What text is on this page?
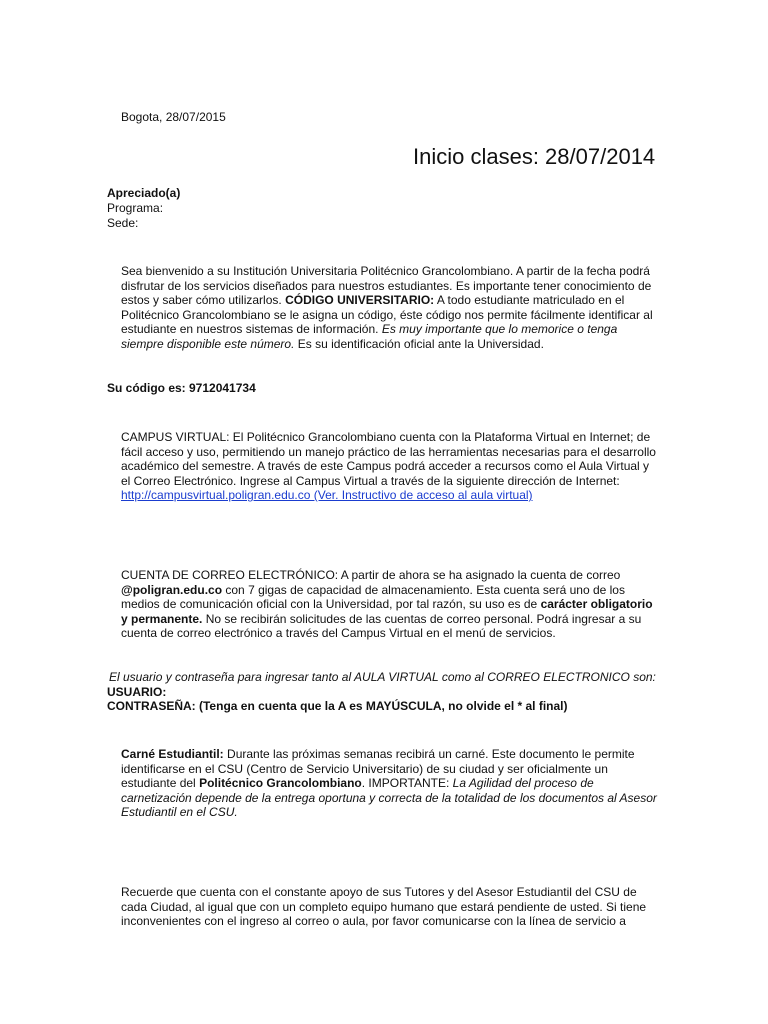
Bogota, 28/07/2015
Inicio clases: 28/07/2014
Apreciado(a)
Programa:
Sede:
Sea bienvenido a su Institución Universitaria Politécnico Grancolombiano. A partir de la fecha podrá disfrutar de los servicios diseñados para nuestros estudiantes. Es importante tener conocimiento de estos y saber cómo utilizarlos. CÓDIGO UNIVERSITARIO: A todo estudiante matriculado en el Politécnico Grancolombiano se le asigna un código, éste código nos permite fácilmente identificar al estudiante en nuestros sistemas de información. Es muy importante que lo memorice o tenga siempre disponible este número. Es su identificación oficial ante la Universidad.
Su código es: 9712041734
CAMPUS VIRTUAL: El Politécnico Grancolombiano cuenta con la Plataforma Virtual en Internet; de fácil acceso y uso, permitiendo un manejo práctico de las herramientas necesarias para el desarrollo académico del semestre. A través de este Campus podrá acceder a recursos como el Aula Virtual y el Correo Electrónico. Ingrese al Campus Virtual a través de la siguiente dirección de Internet: http://campusvirtual.poligran.edu.co (Ver. Instructivo de acceso al aula virtual)
CUENTA DE CORREO ELECTRÓNICO: A partir de ahora se ha asignado la cuenta de correo @poligran.edu.co con 7 gigas de capacidad de almacenamiento. Esta cuenta será uno de los medios de comunicación oficial con la Universidad, por tal razón, su uso es de carácter obligatorio y permanente. No se recibirán solicitudes de las cuentas de correo personal. Podrá ingresar a su cuenta de correo electrónico a través del Campus Virtual en el menú de servicios.
El usuario y contraseña para ingresar tanto al AULA VIRTUAL como al CORREO ELECTRONICO son:
USUARIO:
CONTRASEÑA: (Tenga en cuenta que la A es MAYÚSCULA, no olvide el * al final)
Carné Estudiantil: Durante las próximas semanas recibirá un carné. Este documento le permite identificarse en el CSU (Centro de Servicio Universitario) de su ciudad y ser oficialmente un estudiante del Politécnico Grancolombiano. IMPORTANTE: La Agilidad del proceso de carnetización depende de la entrega oportuna y correcta de la totalidad de los documentos al Asesor Estudiantil en el CSU.
Recuerde que cuenta con el constante apoyo de sus Tutores y del Asesor Estudiantil del CSU de cada Ciudad, al igual que con un completo equipo humano que estará pendiente de usted. Si tiene inconvenientes con el ingreso al correo o aula, por favor comunicarse con la línea de servicio a
